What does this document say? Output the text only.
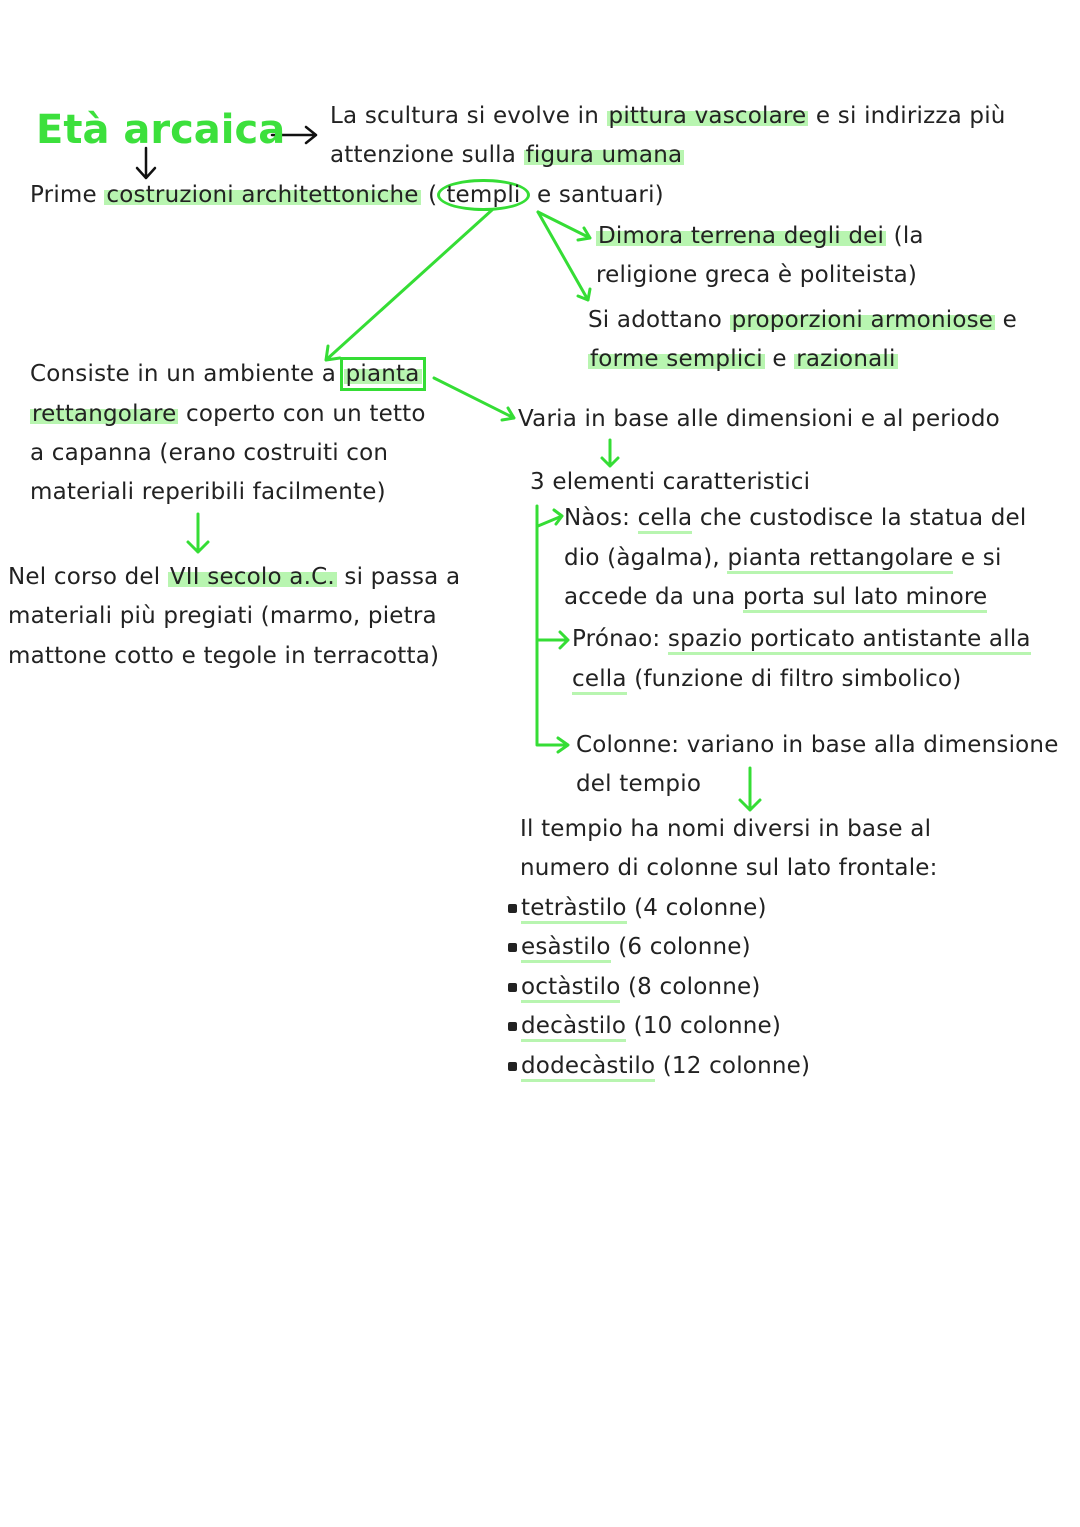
Età arcaica La scultura si evolve in pittura vascolare e si indirizza più
attenzione sulla figura umana
Prime costruzioni architettoniche ( templi e santuari)
Dimora terrena degli dei (la
religione greca è politeista)
Si adottano proporzioni armoniose e
forme semplici e razionali
Consiste in un ambiente a pianta
rettangolare coperto con un tetto
a capanna (erano costruiti con
materiali reperibili facilmente)
Varia in base alle dimensioni e al periodo
Nel corso del VII secolo a.C. si passa a
materiali più pregiati (marmo, pietra
mattone cotto e tegole in terracotta)
3 elementi caratteristici
Nàos: cella che custodisce la statua del
dio (àgalma), pianta rettangolare e si
accede da una porta sul lato minore
Prónao: spazio porticato antistante alla
cella (funzione di filtro simbolico)
Colonne: variano in base alla dimensione
del tempio
Il tempio ha nomi diversi in base al
numero di colonne sul lato frontale:
tetràstilo (4 colonne)
esàstilo (6 colonne)
octàstilo (8 colonne)
decàstilo (10 colonne)
dodecàstilo (12 colonne)
